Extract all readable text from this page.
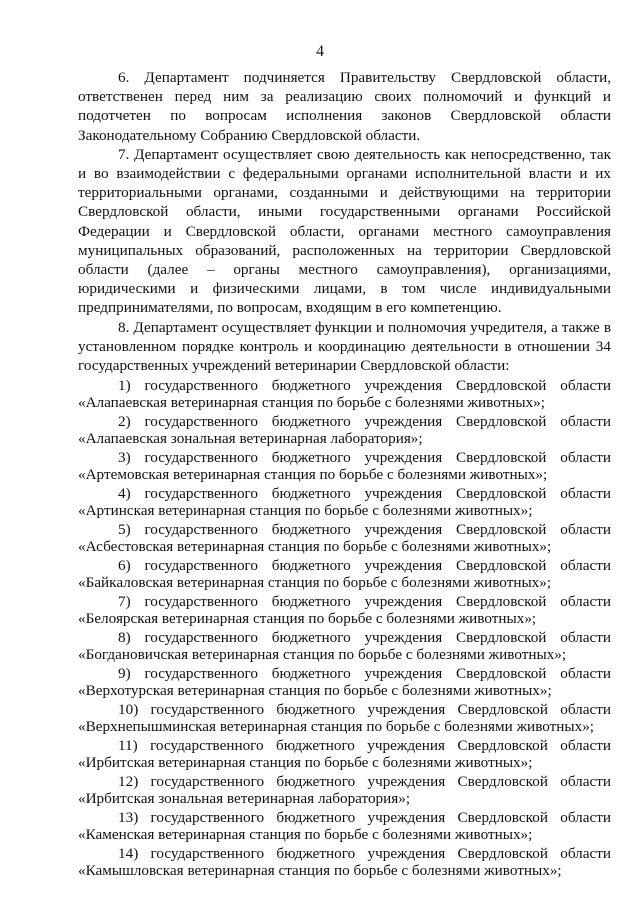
4

6. Департамент подчиняется Правительству Свердловской области, ответственен перед ним за реализацию своих полномочий и функций и подотчетен по вопросам исполнения законов Свердловской области Законодательному Собранию Свердловской области.

7. Департамент осуществляет свою деятельность как непосредственно, так и во взаимодействии с федеральными органами исполнительной власти и их территориальными органами, созданными и действующими на территории Свердловской области, иными государственными органами Российской Федерации и Свердловской области, органами местного самоуправления муниципальных образований, расположенных на территории Свердловской области (далее – органы местного самоуправления), организациями, юридическими и физическими лицами, в том числе индивидуальными предпринимателями, по вопросам, входящим в его компетенцию.

8. Департамент осуществляет функции и полномочия учредителя, а также в установленном порядке контроль и координацию деятельности в отношении 34 государственных учреждений ветеринарии Свердловской области:

1) государственного бюджетного учреждения Свердловской области
«Алапаевская ветеринарная станция по борьбе с болезнями животных»;
2) государственного бюджетного учреждения Свердловской области
«Алапаевская зональная ветеринарная лаборатория»;
3) государственного бюджетного учреждения Свердловской области
«Артемовская ветеринарная станция по борьбе с болезнями животных»;
4) государственного бюджетного учреждения Свердловской области
«Артинская ветеринарная станция по борьбе с болезнями животных»;
5) государственного бюджетного учреждения Свердловской области
«Асбестовская ветеринарная станция по борьбе с болезнями животных»;
6) государственного бюджетного учреждения Свердловской области
«Байкаловская ветеринарная станция по борьбе с болезнями животных»;
7) государственного бюджетного учреждения Свердловской области
«Белоярская ветеринарная станция по борьбе с болезнями животных»;
8) государственного бюджетного учреждения Свердловской области
«Богдановичская ветеринарная станция по борьбе с болезнями животных»;
9) государственного бюджетного учреждения Свердловской области
«Верхотурская ветеринарная станция по борьбе с болезнями животных»;
10) государственного бюджетного учреждения Свердловской области
«Верхнепышминская ветеринарная станция по борьбе с болезнями животных»;
11) государственного бюджетного учреждения Свердловской области
«Ирбитская ветеринарная станция по борьбе с болезнями животных»;
12) государственного бюджетного учреждения Свердловской области
«Ирбитская зональная ветеринарная лаборатория»;
13) государственного бюджетного учреждения Свердловской области
«Каменская ветеринарная станция по борьбе с болезнями животных»;
14) государственного бюджетного учреждения Свердловской области
«Камышловская ветеринарная станция по борьбе с болезнями животных»;
